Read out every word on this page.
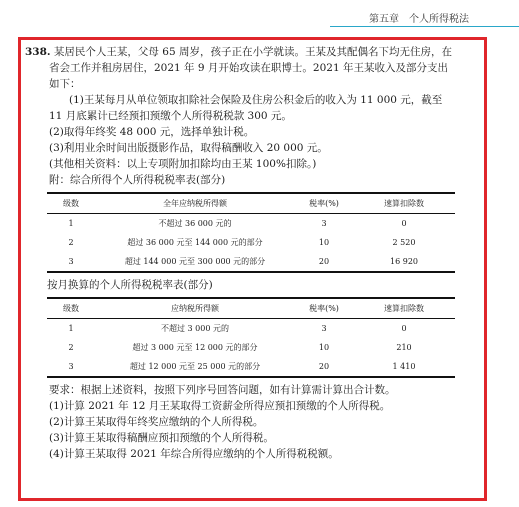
第五章　个人所得税法

338. 某居民个人王某，父母 65 周岁，孩子正在小学就读。王某及其配偶名下均无住房，在

省会工作并租房居住，2021 年 9 月开始攻读在职博士。2021 年王某收入及部分支出

如下：

(1)王某每月从单位领取扣除社会保险及住房公积金后的收入为 11 000 元，截至

11 月底累计已经预扣预缴个人所得税税款 300 元。

(2)取得年终奖 48 000 元，选择单独计税。

(3)利用业余时间出版摄影作品，取得稿酬收入 20 000 元。

(其他相关资料：以上专项附加扣除均由王某 100%扣除。)

附：综合所得个人所得税税率表(部分)

级数	全年应纳税所得额	税率(%)	速算扣除数
1	不超过 36 000 元的	3	0
2	超过 36 000 元至 144 000 元的部分	10	2 520
3	超过 144 000 元至 300 000 元的部分	20	16 920

按月换算的个人所得税税率表(部分)

级数	应纳税所得额	税率(%)	速算扣除数
1	不超过 3 000 元的	3	0
2	超过 3 000 元至 12 000 元的部分	10	210
3	超过 12 000 元至 25 000 元的部分	20	1 410

要求：根据上述资料，按照下列序号回答问题，如有计算需计算出合计数。

(1)计算 2021 年 12 月王某取得工资薪金所得应预扣预缴的个人所得税。

(2)计算王某取得年终奖应缴纳的个人所得税。

(3)计算王某取得稿酬应预扣预缴的个人所得税。

(4)计算王某取得 2021 年综合所得应缴纳的个人所得税税额。
